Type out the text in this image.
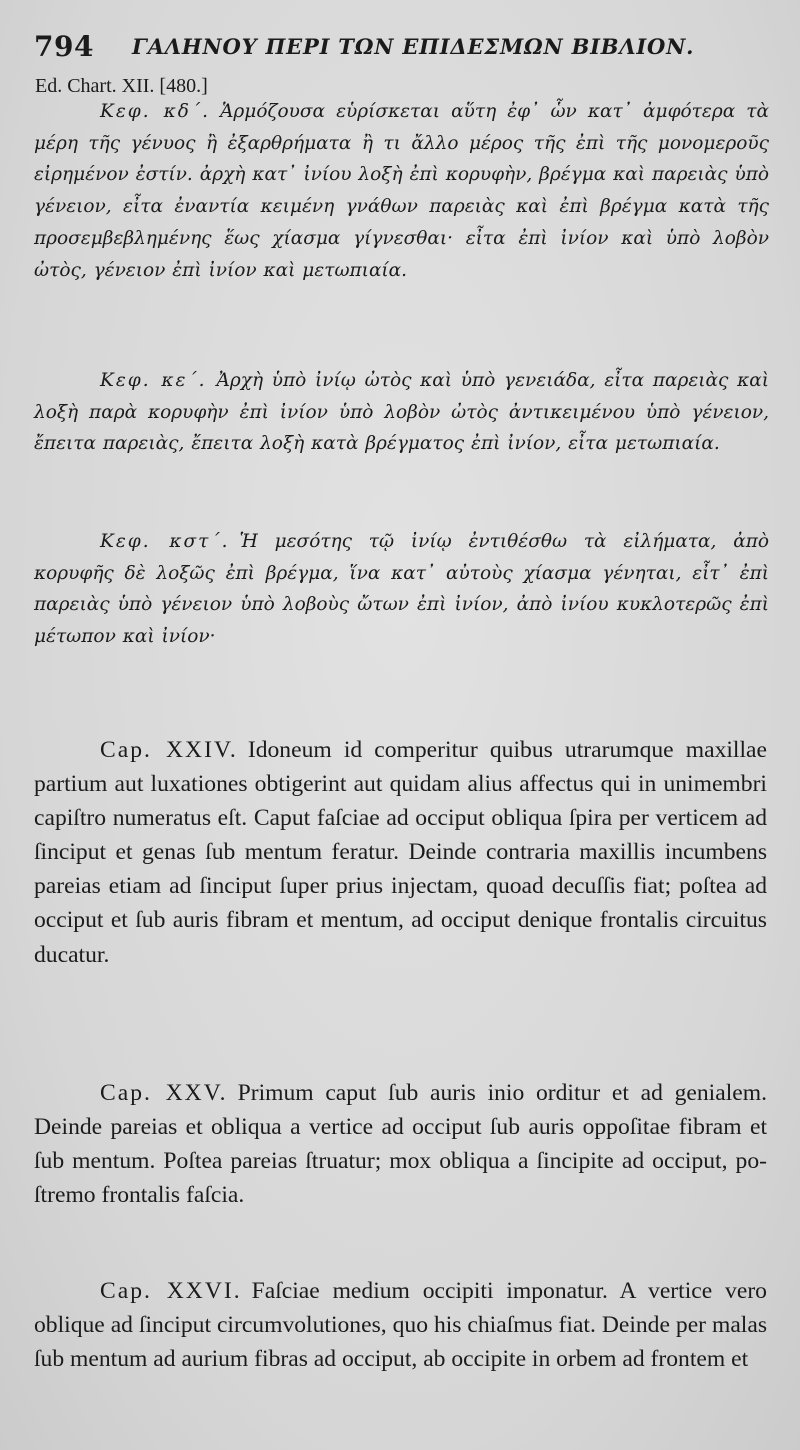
794 ΓΑΛΗΝΟΥ ΠΕΡΙ ΤΩΝ ΕΠΙΔΕΣΜΩΝ ΒΙΒΛΙΟΝ.
Ed. Chart. XII. [480.]
Κεφ. κδ΄. Ἁρμόζουσα εὑρίσκεται αὕτη ἐφ᾽ ὧν κατ᾽ ἀμφότερα τὰ μέρη τῆς γένυος ἢ ἐξαρθρήματα ἢ τι ἄλλο μέρος τῆς ἐπὶ τῆς μονομεροῦς εἰρημένον ἐστίν. ἀρχὴ κατ᾽ ἰνίου λοξὴ ἐπὶ κορυφὴν, βρέγμα καὶ παρειὰς ὑπὸ γένειον, εἶτα ἐναντία κειμένη γνάθων παρειὰς καὶ ἐπὶ βρέγμα κατὰ τῆς προσεμβεβλημένης ἕως χίασμα γίγνεσθαι· εἶτα ἐπὶ ἰνίον καὶ ὑπὸ λοβὸν ὠτὸς, γένειον ἐπὶ ἰνίον καὶ μετωπιαία.
Κεφ. κε΄. Ἀρχὴ ὑπὸ ἰνίῳ ὠτὸς καὶ ὑπὸ γενειάδα, εἶτα παρειὰς καὶ λοξὴ παρὰ κορυφὴν ἐπὶ ἰνίον ὑπὸ λοβὸν ὠτὸς ἀντικειμένου ὑπὸ γένειον, ἔπειτα παρειὰς, ἔπειτα λοξὴ κατὰ βρέγματος ἐπὶ ἰνίον, εἶτα μετωπιαία.
Κεφ. κστ΄. Ἡ μεσότης τῷ ἰνίῳ ἐντιθέσθω τὰ εἰλήματα, ἀπὸ κορυφῆς δὲ λοξῶς ἐπὶ βρέγμα, ἵνα κατ᾽ αὐτοὺς χίασμα γένηται, εἶτ᾽ ἐπὶ παρειὰς ὑπὸ γένειον ὑπὸ λοβοὺς ὤτων ἐπὶ ἰνίον, ἀπὸ ἰνίου κυκλοτερῶς ἐπὶ μέτωπον καὶ ἰνίον·
Cap. XXIV. Idoneum id comperitur quibus utrarumque maxillae partium aut luxationes obtigerint aut quidam alius affectus qui in unimembri capiſtro numeratus eſt. Caput faſciae ad occiput obliqua ſpira per verticem ad ſinciput et genas ſub mentum feratur. Deinde contraria maxillis incumbens pareias etiam ad ſinciput ſuper prius injectam, quoad decuſſis fiat; poſtea ad occiput et ſub auris fibram et mentum, ad occiput denique frontalis circuitus ducatur.
Cap. XXV. Primum caput ſub auris inio orditur et ad genialem. Deinde pareias et obliqua a vertice ad occiput ſub auris oppoſitae fibram et ſub mentum. Poſtea pareias ſtruatur; mox obliqua a ſincipite ad occiput, poſtremo frontalis faſcia.
Cap. XXVI. Faſciae medium occipiti imponatur. A vertice vero oblique ad ſinciput circumvolutiones, quo his chiaſmus fiat. Deinde per malas ſub mentum ad aurium fibras ad occiput, ab occipite in orbem ad frontem et
